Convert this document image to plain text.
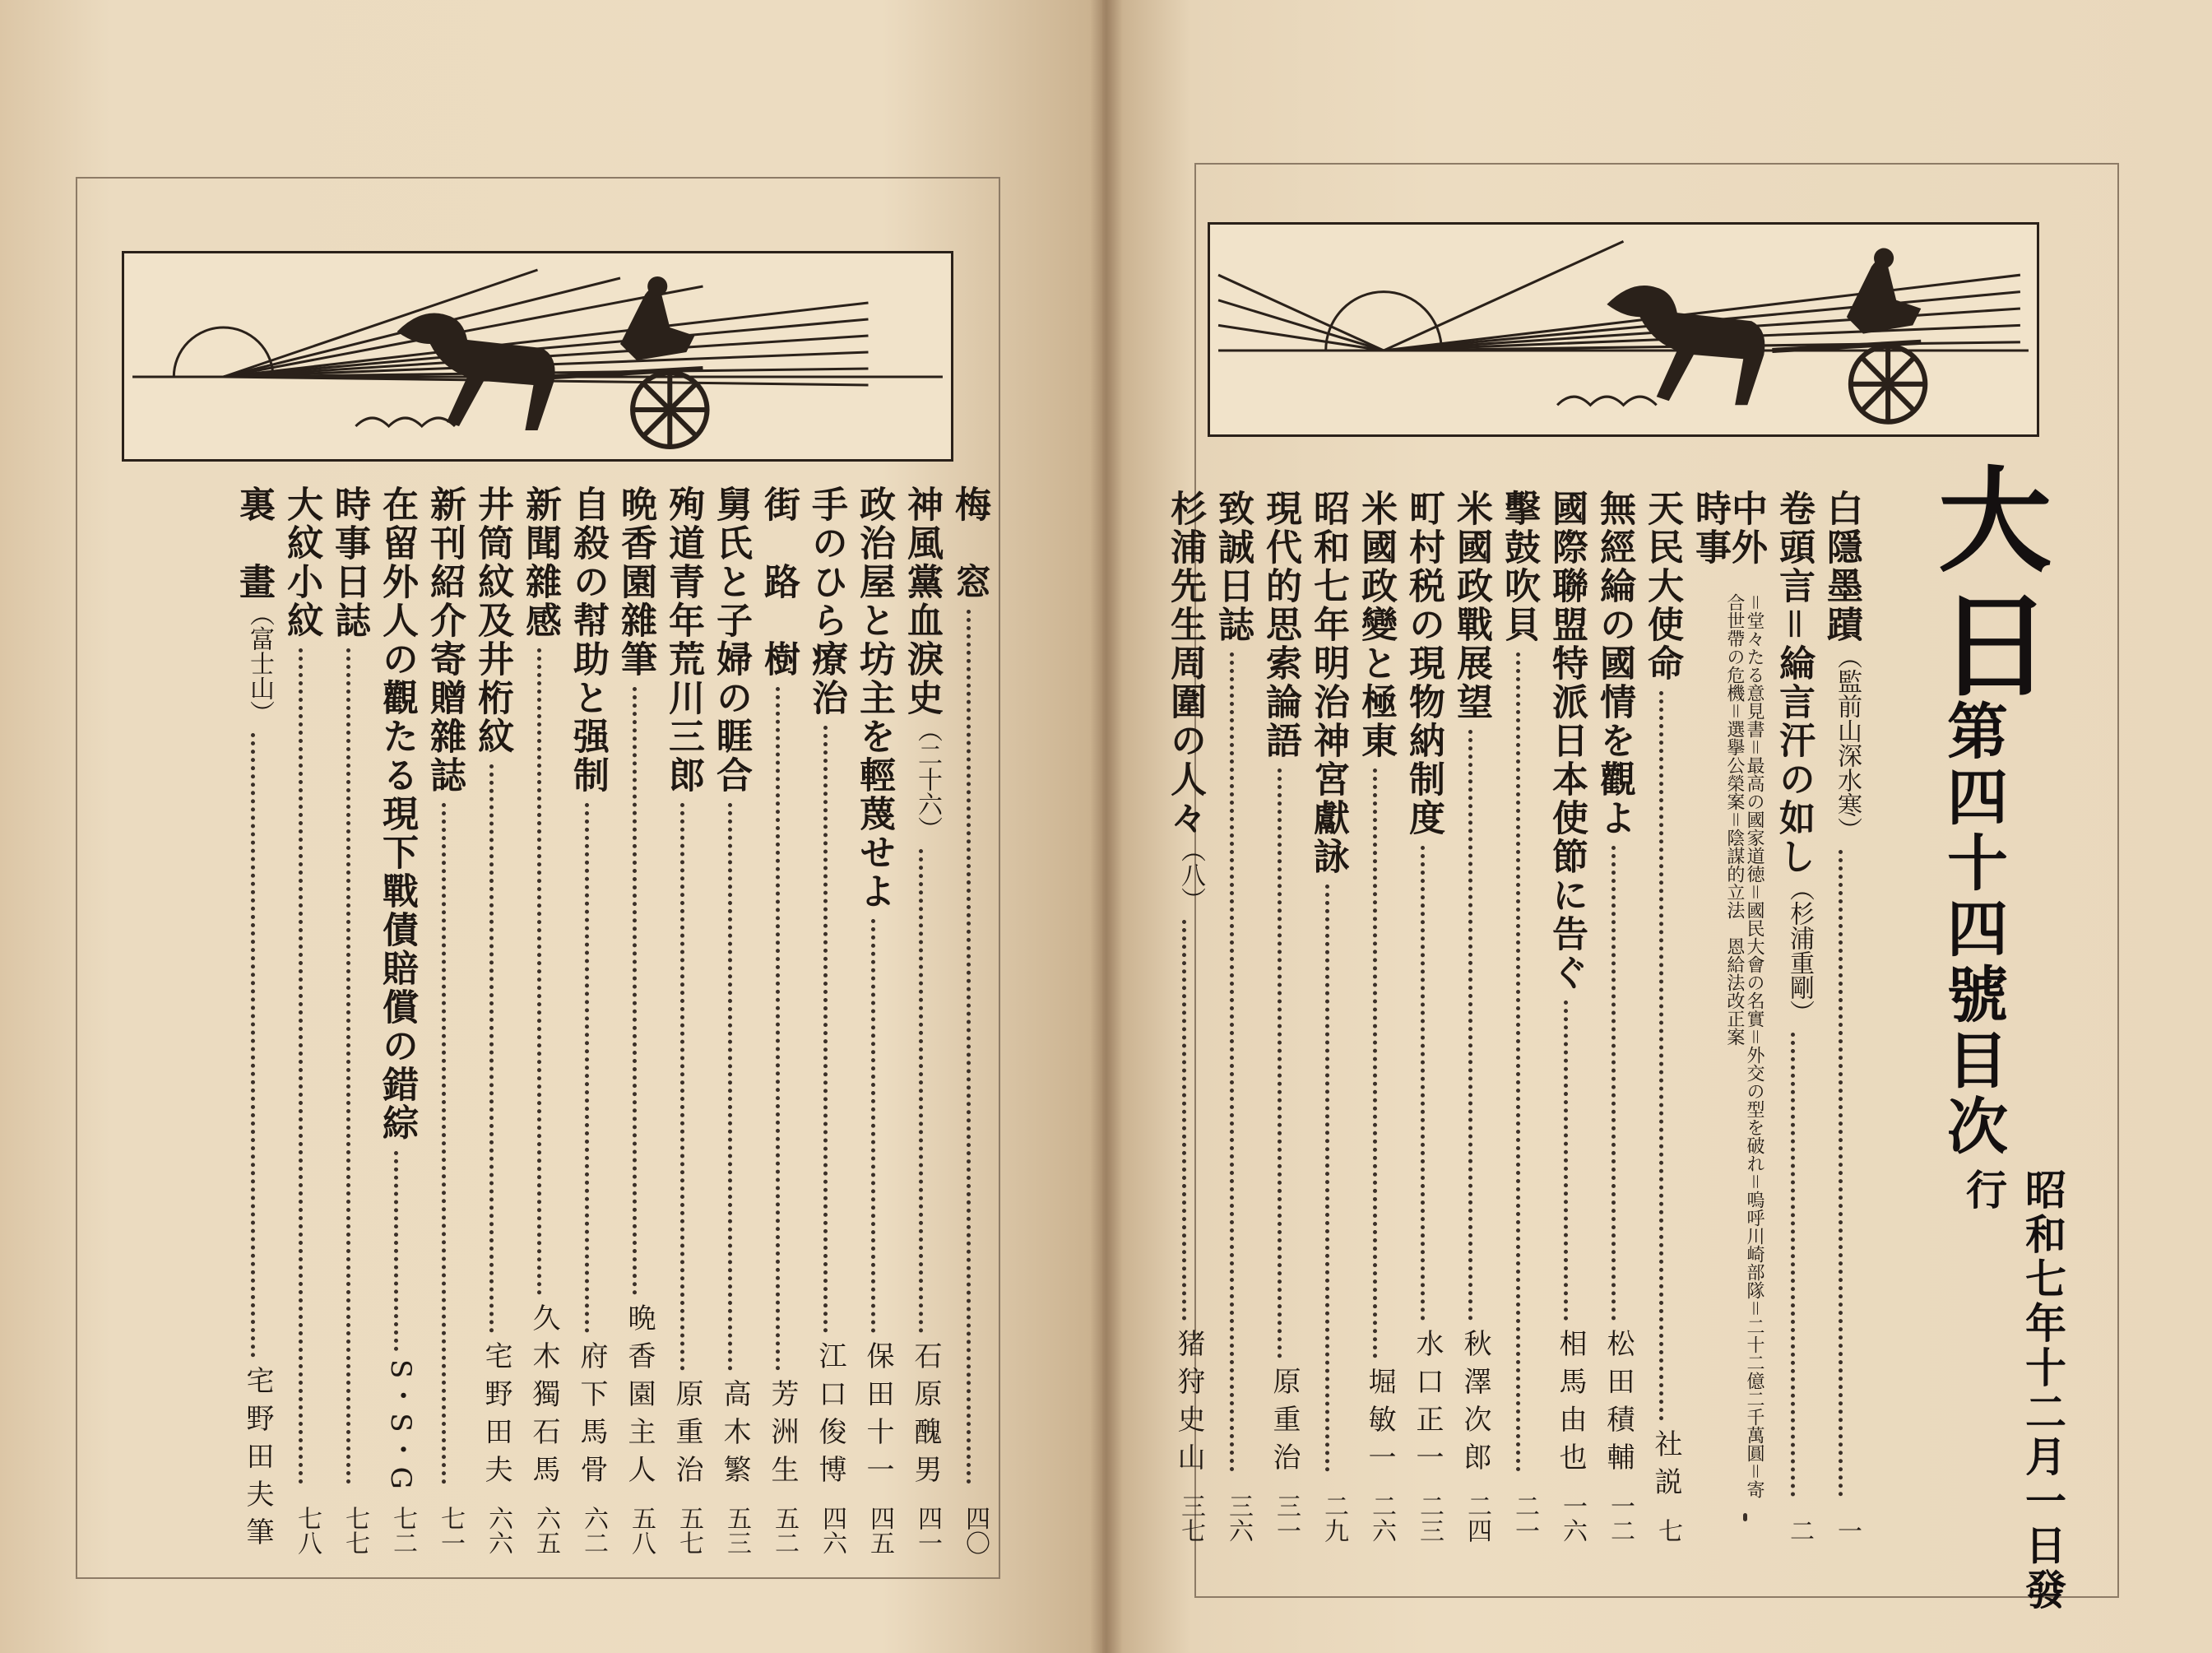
大日
第四十四號目次
昭和七年十二月一日發行
白隱墨蹟
（監前山深水寒）
一
卷頭言＝綸言汗の如し
（杉浦重剛）
二
中外時事
＝堂々たる意見書＝最高の國家道徳＝國民大會の名實＝外交の型を破れ＝嗚呼川崎部隊＝二十二億二千萬圓＝寄合世帶の危機＝選擧公榮案＝陰謀的立法　恩給法改正案
天民大使命
社説
七
無經綸の國情を觀よ
松田積輔
一二
國際聯盟特派日本使節に告ぐ
相馬由也
一六
擊鼓吹貝
二一
米國政戰展望
秋澤次郎
二四
町村税の現物納制度
水口正一
二三
米國政變と極東
堀敏一
二六
昭和七年明治神宮獻詠
二九
現代的思索論語
原重治
三一
致誠日誌
三六
杉浦先生周圍の人々
（八）
猪狩史山
三七
梅　窓
四〇
神風黨血淚史
（二十六）
石原醜男
四一
政治屋と坊主を輕蔑せよ
保田十一
四五
手のひら療治
江口俊博
四六
街　路　樹
芳洲生
五二
舅氏と子婦の睚合
高木繁
五三
殉道青年荒川三郎
原重治
五七
晩香園雜筆
晩香園主人
五八
自殺の幇助と强制
府下馬骨
六二
新聞雜感
久木獨石馬
六五
井筒紋及井桁紋
宅野田夫
六六
新刊紹介寄贈雜誌
七一
在留外人の觀たる現下戰債賠償の錯綜
S・S・G
七二
時事日誌
七七
大紋小紋
七八
裏　畫
（富士山）
宅野田夫筆
